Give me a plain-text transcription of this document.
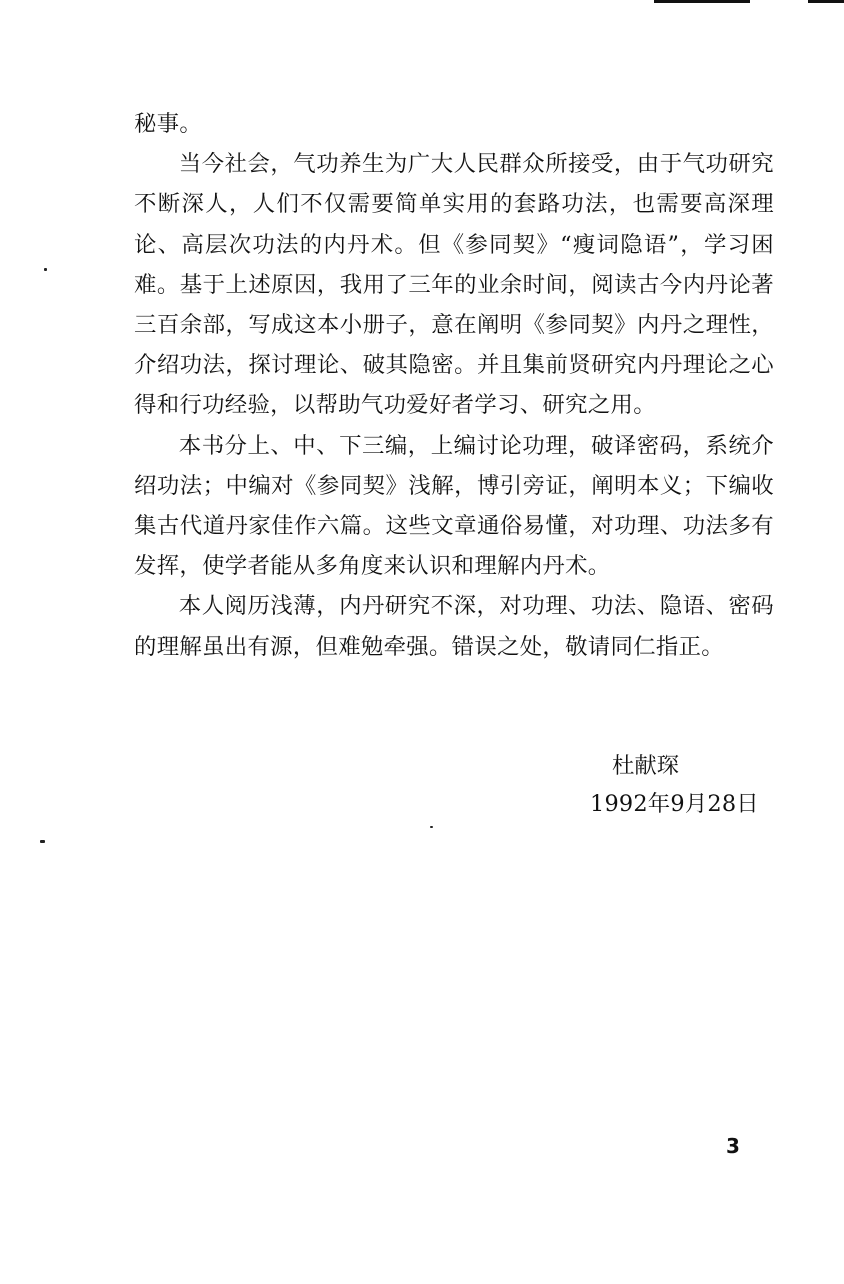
秘事。

当今社会，气功养生为广大人民群众所接受，由于气功研究不断深人，人们不仅需要简单实用的套路功法，也需要高深理论、高层次功法的内丹术。但《参同契》“瘦词隐语”，学习困难。基于上述原因，我用了三年的业余时间，阅读古今内丹论著三百余部，写成这本小册子，意在阐明《参同契》内丹之理性，介绍功法，探讨理论、破其隐密。并且集前贤研究内丹理论之心得和行功经验，以帮助气功爱好者学习、研究之用。

本书分上、中、下三编，上编讨论功理，破译密码，系统介绍功法；中编对《参同契》浅解，博引旁证，阐明本义；下编收集古代道丹家佳作六篇。这些文章通俗易懂，对功理、功法多有发挥，使学者能从多角度来认识和理解内丹术。

本人阅历浅薄，内丹研究不深，对功理、功法、隐语、密码的理解虽出有源，但难勉牵强。错误之处，敬请同仁指正。

杜献琛
1992年9月28日
3
